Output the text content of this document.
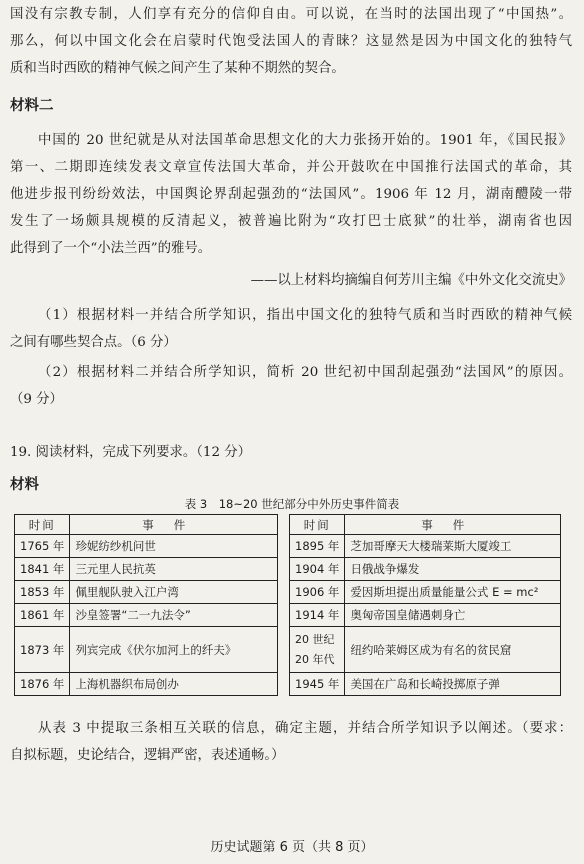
国没有宗教专制，人们享有充分的信仰自由。可以说，在当时的法国出现了“中国热”。

那么，何以中国文化会在启蒙时代饱受法国人的青睐？这显然是因为中国文化的独特气

质和当时西欧的精神气候之间产生了某种不期然的契合。

材料二

中国的 20 世纪就是从对法国革命思想文化的大力张扬开始的。1901 年，《国民报》

第一、二期即连续发表文章宣传法国大革命，并公开鼓吹在中国推行法国式的革命，其

他进步报刊纷纷效法，中国舆论界刮起强劲的“法国风”。1906 年 12 月，湖南醴陵一带

发生了一场颇具规模的反清起义，被普遍比附为“攻打巴士底狱”的壮举，湖南省也因

此得到了一个“小法兰西”的雅号。

——以上材料均摘编自何芳川主编《中外文化交流史》

（1）根据材料一并结合所学知识，指出中国文化的独特气质和当时西欧的精神气候

之间有哪些契合点。（6 分）

（2）根据材料二并结合所学知识，简析 20 世纪初中国刮起强劲“法国风”的原因。

（9 分）

19. 阅读材料，完成下列要求。（12 分）

材料

表 3　18~20 世纪部分中外历史事件简表
时间	事件
1765 年	珍妮纺纱机问世
1841 年	三元里人民抗英
1853 年	佩里舰队驶入江户湾
1861 年	沙皇签署“二一九法令”
1873 年	列宾完成《伏尔加河上的纤夫》
1876 年	上海机器织布局创办
时间	事件
1895 年	芝加哥摩天大楼瑞莱斯大厦竣工
1904 年	日俄战争爆发
1906 年	爱因斯坦提出质量能量公式 E = mc²
1914 年	奥匈帝国皇储遇刺身亡
20 世纪 20 年代	纽约哈莱姆区成为有名的贫民窟
1945 年	美国在广岛和长崎投掷原子弹

从表 3 中提取三条相互关联的信息，确定主题，并结合所学知识予以阐述。（要求：

自拟标题，史论结合，逻辑严密，表述通畅。）

历史试题第 6 页（共 8 页）
